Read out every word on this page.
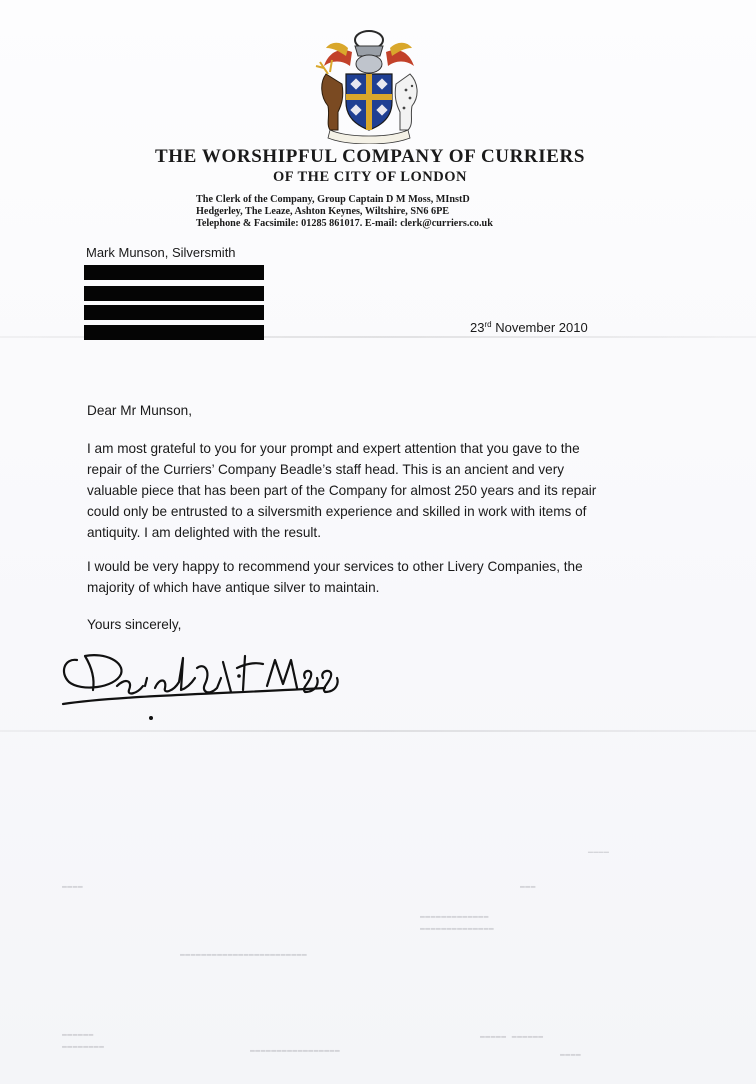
THE WORSHIPFUL COMPANY OF CURRIERS
OF THE CITY OF LONDON
The Clerk of the Company, Group Captain D M Moss, MInstD
Hedgerley, The Leaze, Ashton Keynes, Wiltshire, SN6 6PE
Telephone & Facsimile: 01285 861017. E-mail: clerk@curriers.co.uk
Mark Munson, Silversmith
23rd November 2010
Dear Mr Munson,
I am most grateful to you for your prompt and expert attention that you gave to the
repair of the Curriers’ Company Beadle’s staff head. This is an ancient and very
valuable piece that has been part of the Company for almost 250 years and its repair
could only be entrusted to a silversmith experience and skilled in work with items of
antiquity. I am delighted with the result.
I would be very happy to recommend your services to other Livery Companies, the
majority of which have antique silver to maintain.
Yours sincerely,
━━━━
▬▬▬▬	▬▬▬
▬▬▬▬▬▬▬▬▬▬▬▬▬
▬▬▬▬▬▬▬▬▬▬▬▬▬▬
▬▬▬▬▬▬▬▬▬▬▬▬▬▬▬▬▬▬▬▬▬▬▬▬
▬▬▬▬▬▬
▬▬▬▬▬▬▬▬	▬▬▬▬▬▬▬▬▬▬▬▬▬▬▬▬▬
▬▬▬▬▬ ▬▬▬▬▬▬
▬▬▬▬
